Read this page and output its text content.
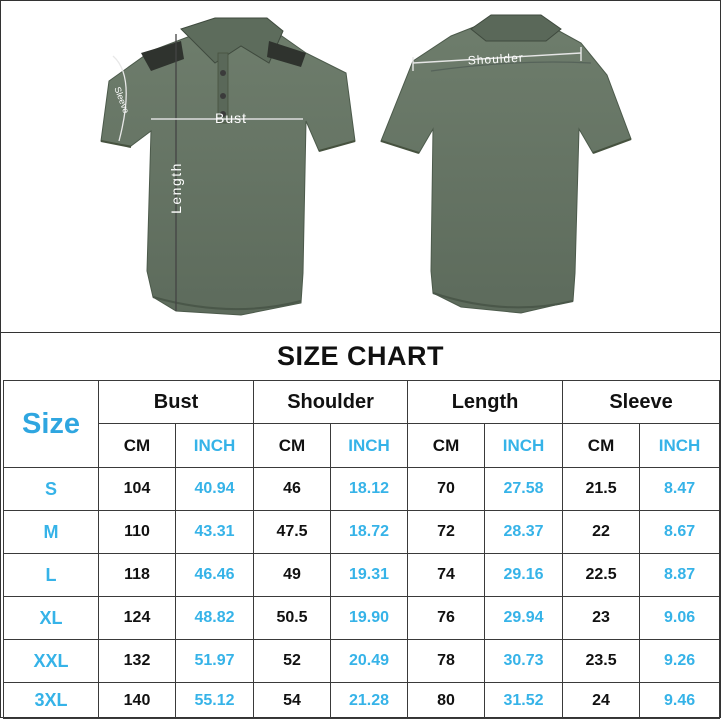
Bust
Length
Sleeve
Shoulder
SIZE CHART
Size	Bust		Shoulder		Length		Sleeve	
	CM	INCH	CM	INCH	CM	INCH	CM	INCH
S	104	40.94	46	18.12	70	27.58	21.5	8.47
M	110	43.31	47.5	18.72	72	28.37	22	8.67
L	118	46.46	49	19.31	74	29.16	22.5	8.87
XL	124	48.82	50.5	19.90	76	29.94	23	9.06
XXL	132	51.97	52	20.49	78	30.73	23.5	9.26
3XL	140	55.12	54	21.28	80	31.52	24	9.46
